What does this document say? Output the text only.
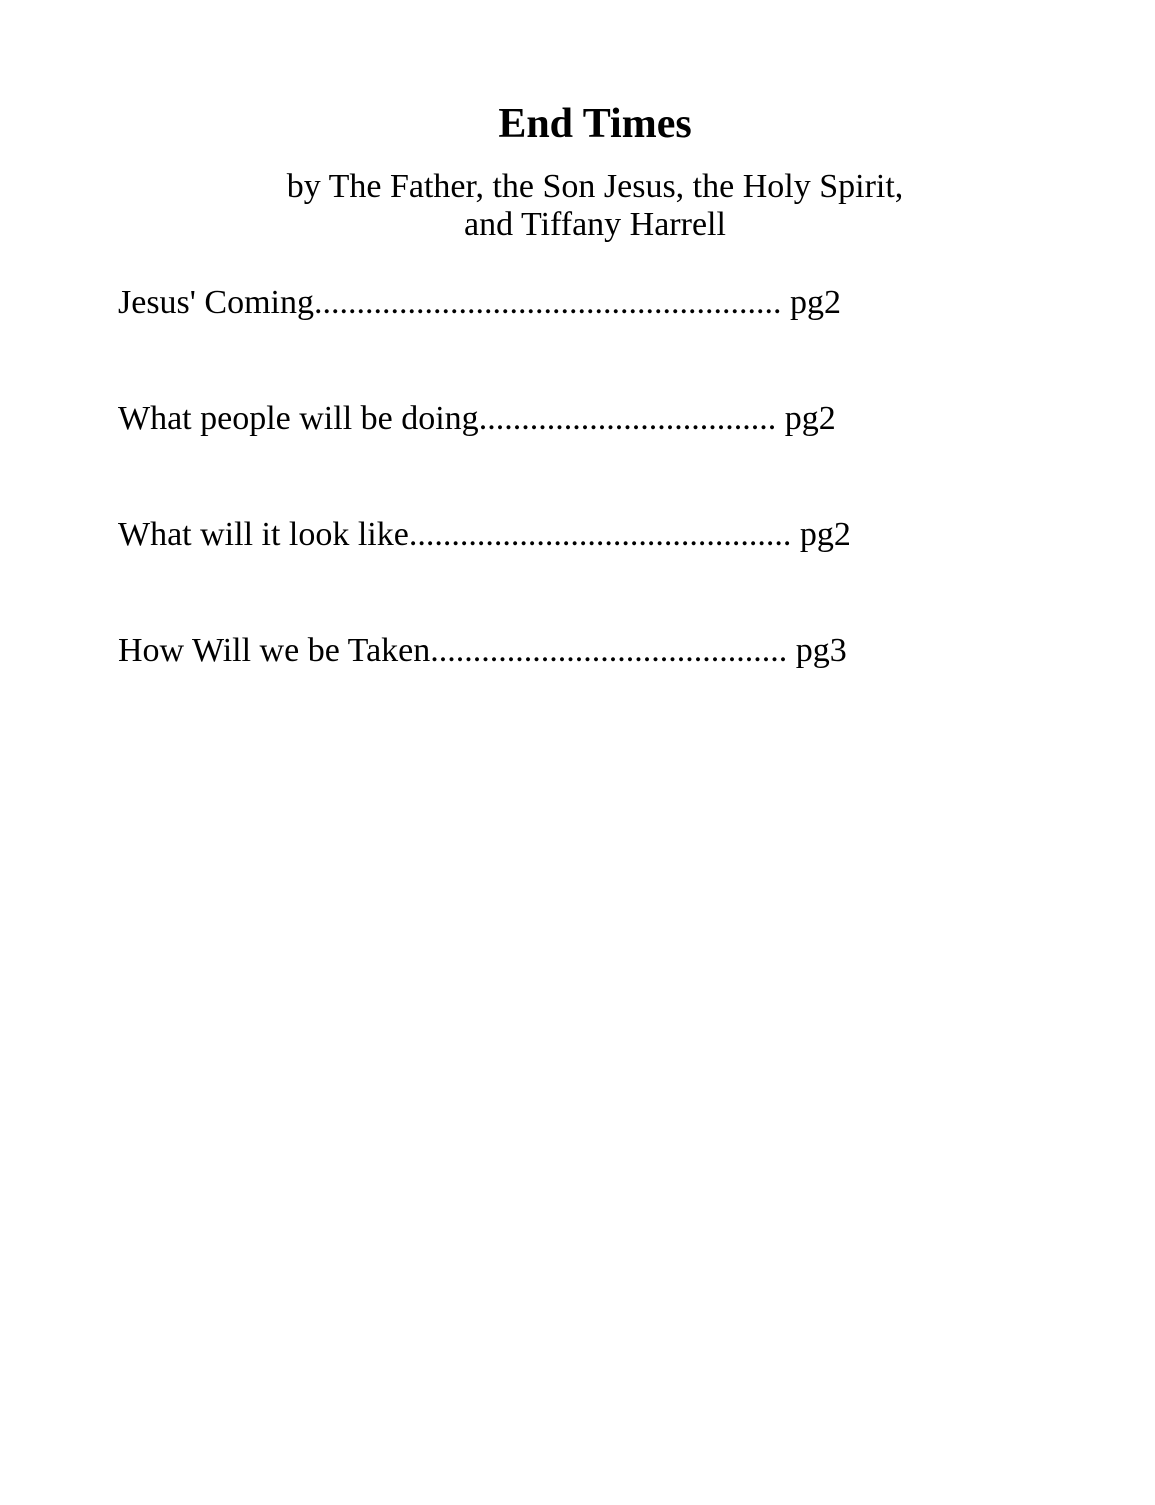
End Times
by The Father, the Son Jesus, the Holy Spirit,
and Tiffany Harrell
Jesus' Coming....................................................... pg2
What people will be doing................................... pg2
What will it look like............................................. pg2
How Will we be Taken.......................................... pg3
